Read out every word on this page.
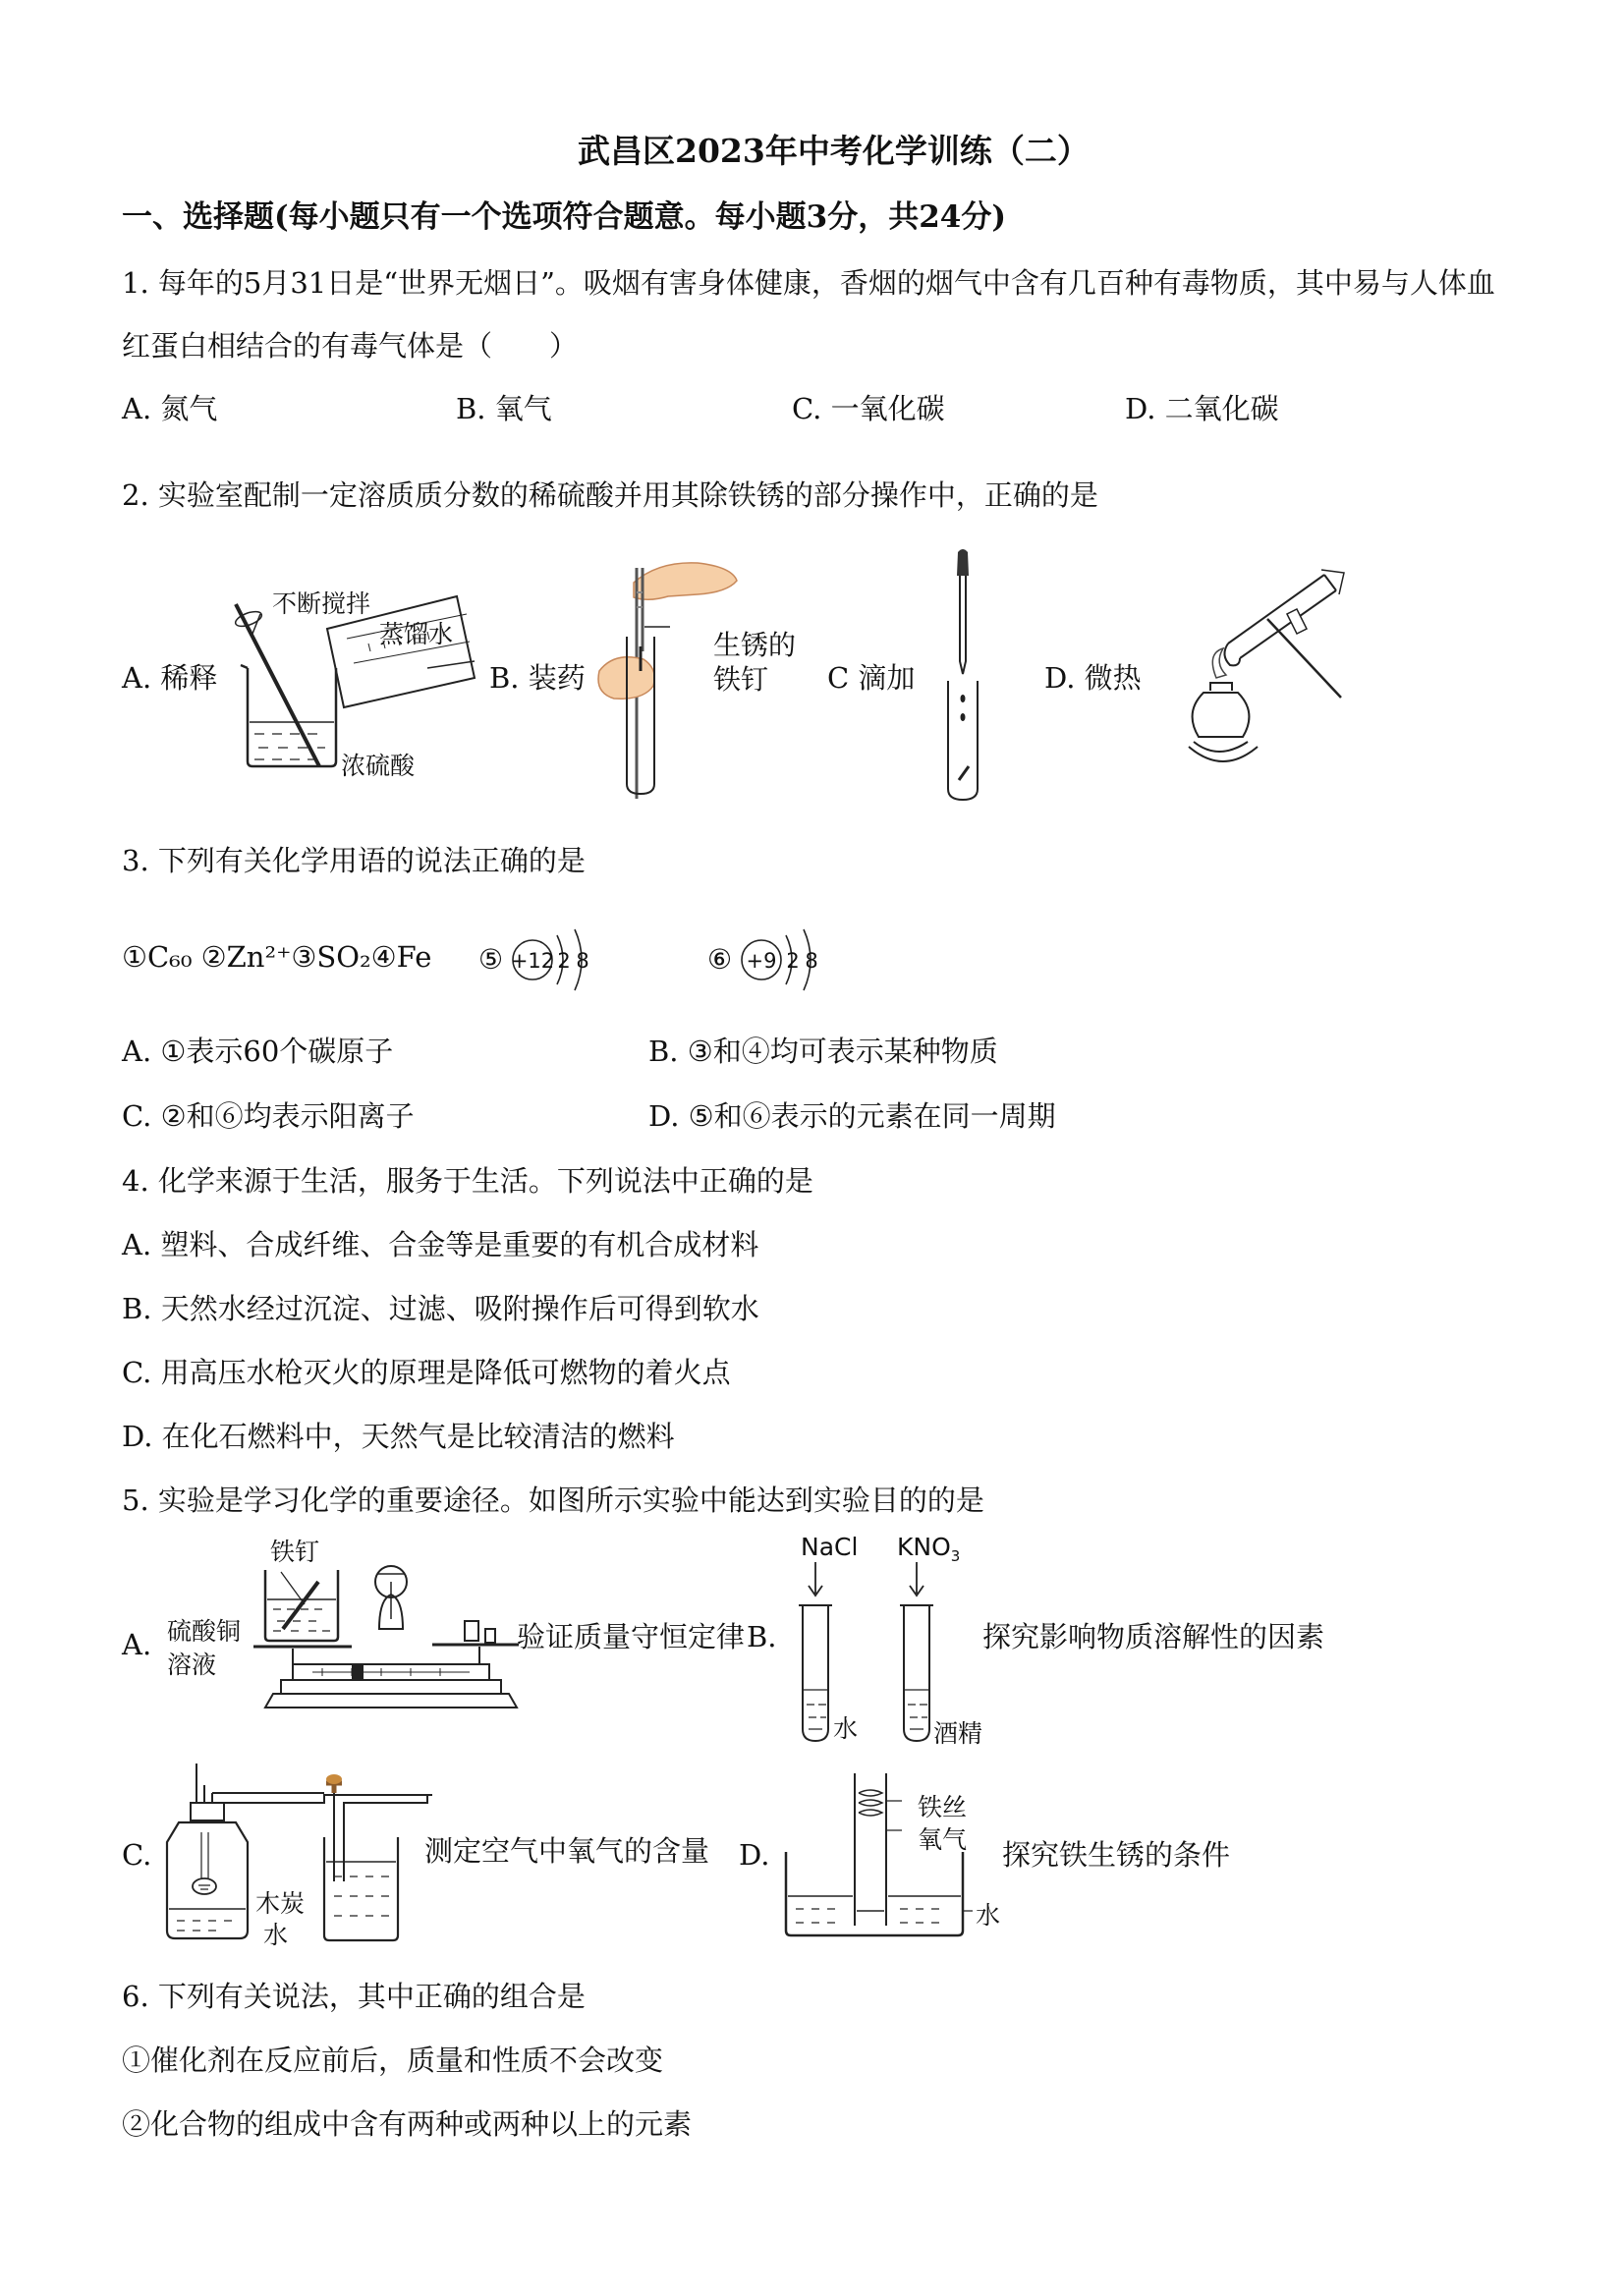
武昌区2023年中考化学训练（二）
一、选择题(每小题只有一个选项符合题意。每小题3分，共24分)
1. 每年的5月31日是“世界无烟日”。吸烟有害身体健康，香烟的烟气中含有几百种有毒物质，其中易与人体血
红蛋白相结合的有毒气体是（　　）
A. 氮气	B. 氧气	C. 一氧化碳	D. 二氧化碳
2. 实验室配制一定溶质质分数的稀硫酸并用其除铁锈的部分操作中，正确的是
A. 稀释	B. 装药	C 滴加	D. 微热
不断搅拌
蒸馏水
浓硫酸
生锈的铁钉
3. 下列有关化学用语的说法正确的是
①C₆₀ ②Zn²⁺③SO₂④Fe ⑤ +12 2 8	⑥ +9 2 8
A. ①表示60个碳原子	B. ③和④均可表示某种物质
C. ②和⑥均表示阳离子	D. ⑤和⑥表示的元素在同一周期
4. 化学来源于生活，服务于生活。下列说法中正确的是
A. 塑料、合成纤维、合金等是重要的有机合成材料
B. 天然水经过沉淀、过滤、吸附操作后可得到软水
C. 用高压水枪灭火的原理是降低可燃物的着火点
D. 在化石燃料中，天然气是比较清洁的燃料
5. 实验是学习化学的重要途径。如图所示实验中能达到实验目的的是
A. 硫酸铜
溶液
铁钉
验证质量守恒定律 B.
NaCl $KNO_3$
水	酒精
探究影响物质溶解性的因素
C.
木炭
水
测定空气中氧气的含量 D.
铁丝
氧气
水
探究铁生锈的条件
6. 下列有关说法，其中正确的组合是
①催化剂在反应前后，质量和性质不会改变
②化合物的组成中含有两种或两种以上的元素
